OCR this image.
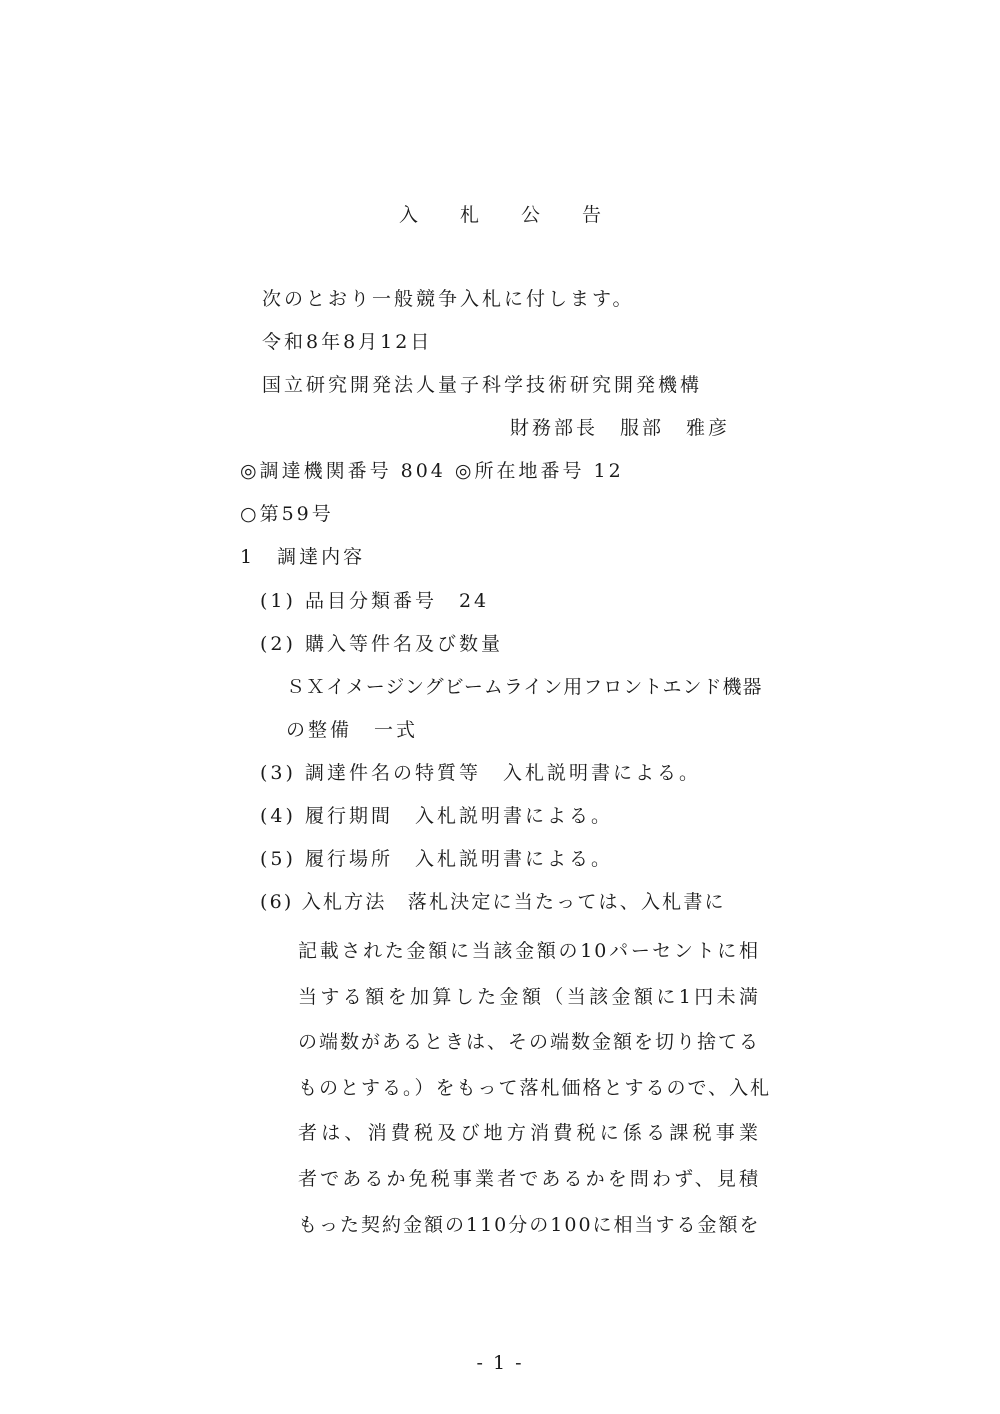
入 札 公 告
次のとおり一般競争入札に付します。
令和8年8月12日
国立研究開発法人量子科学技術研究開発機構
財務部長　服部　雅彦
◎調達機関番号 804 ◎所在地番号 12
○第59号
1　調達内容
(1) 品目分類番号　24
(2) 購入等件名及び数量
ＳＸイメージングビームライン用フロントエンド機器
の整備　一式
(3) 調達件名の特質等　入札説明書による。
(4) 履行期間　入札説明書による。
(5) 履行場所　入札説明書による。
(6) 入札方法　落札決定に当たっては、入札書に
記載された金額に当該金額の10パーセントに相
当する額を加算した金額（当該金額に1円未満
の端数があるときは、その端数金額を切り捨てる
ものとする。）をもって落札価格とするので、入札
者は、消費税及び地方消費税に係る課税事業
者であるか免税事業者であるかを問わず、見積
もった契約金額の110分の100に相当する金額を
- 1 -
